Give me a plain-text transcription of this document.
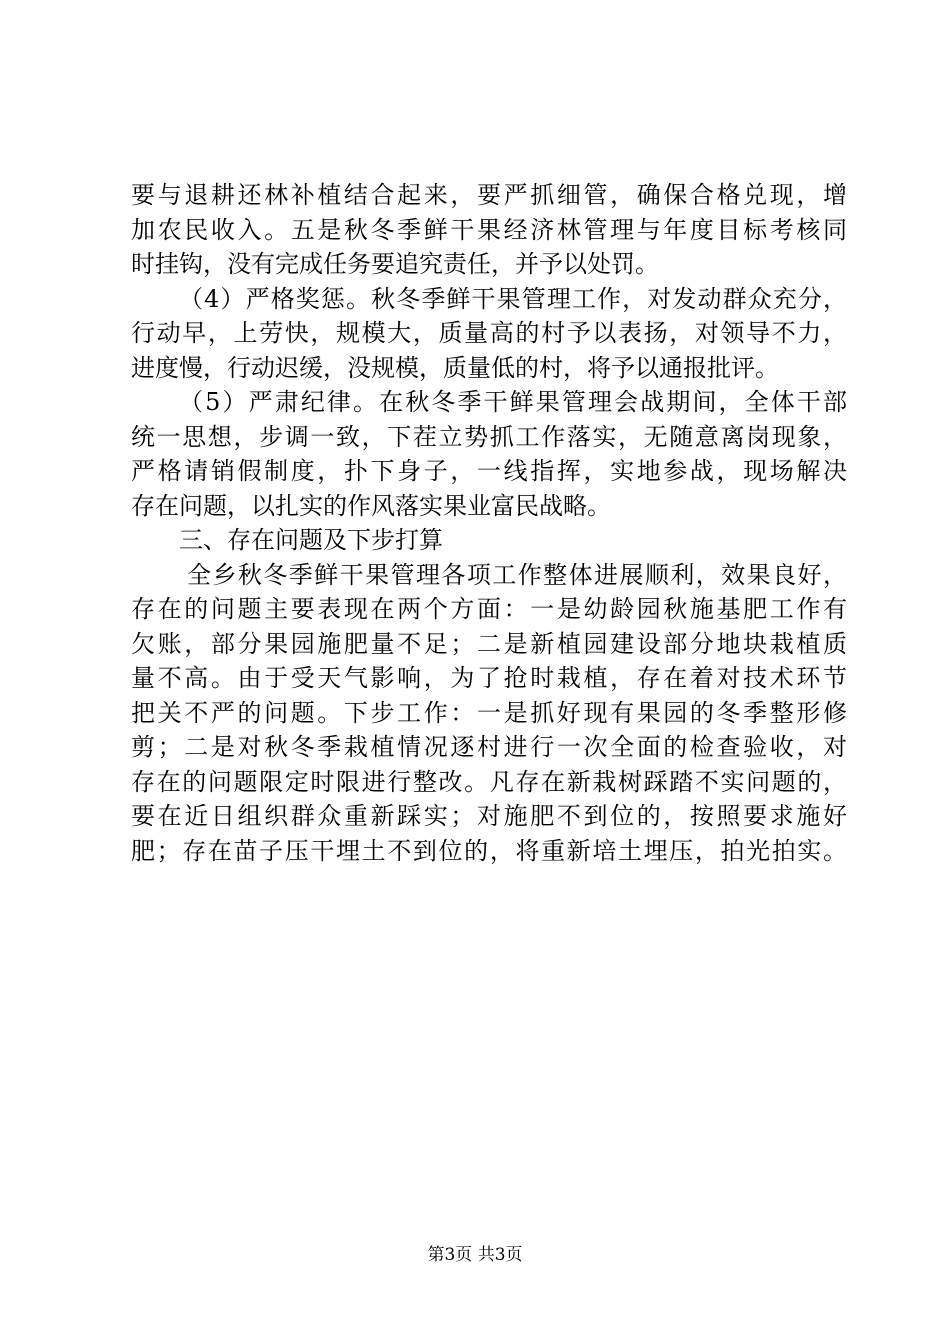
要与退耕还林补植结合起来，要严抓细管，确保合格兑现，增
加农民收入。五是秋冬季鲜干果经济林管理与年度目标考核同
时挂钩，没有完成任务要追究责任，并予以处罚。
（4）严格奖惩。秋冬季鲜干果管理工作，对发动群众充分，
行动早，上劳快，规模大，质量高的村予以表扬，对领导不力，
进度慢，行动迟缓，没规模，质量低的村，将予以通报批评。
（5）严肃纪律。在秋冬季干鲜果管理会战期间，全体干部
统一思想，步调一致，下茬立势抓工作落实，无随意离岗现象，
严格请销假制度，扑下身子，一线指挥，实地参战，现场解决
存在问题，以扎实的作风落实果业富民战略。
三、存在问题及下步打算
全乡秋冬季鲜干果管理各项工作整体进展顺利，效果良好，
存在的问题主要表现在两个方面：一是幼龄园秋施基肥工作有
欠账，部分果园施肥量不足；二是新植园建设部分地块栽植质
量不高。由于受天气影响，为了抢时栽植，存在着对技术环节
把关不严的问题。下步工作：一是抓好现有果园的冬季整形修
剪；二是对秋冬季栽植情况逐村进行一次全面的检查验收，对
存在的问题限定时限进行整改。凡存在新栽树踩踏不实问题的，
要在近日组织群众重新踩实；对施肥不到位的，按照要求施好
肥；存在苗子压干埋土不到位的，将重新培土埋压，拍光拍实。
第3页 共3页
